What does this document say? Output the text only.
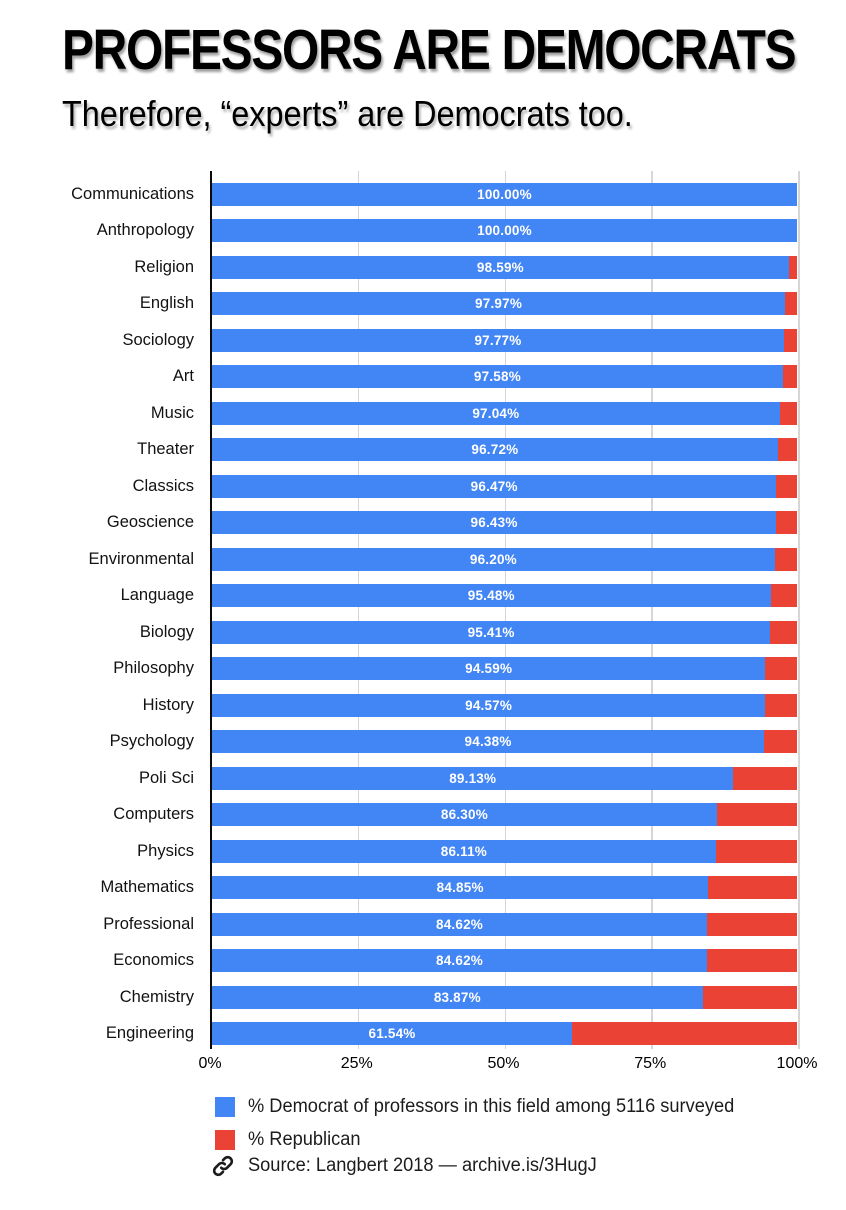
PROFESSORS ARE DEMOCRATS
Therefore, “experts” are Democrats too.
Communications	100.00%
Anthropology	100.00%
Religion	98.59%
English	97.97%
Sociology	97.77%
Art	97.58%
Music	97.04%
Theater	96.72%
Classics	96.47%
Geoscience	96.43%
Environmental	96.20%
Language	95.48%
Biology	95.41%
Philosophy	94.59%
History	94.57%
Psychology	94.38%
Poli Sci	89.13%
Computers	86.30%
Physics	86.11%
Mathematics	84.85%
Professional	84.62%
Economics	84.62%
Chemistry	83.87%
Engineering	61.54%
0%	25%	50%	75%	100%
% Democrat of professors in this field among 5116 surveyed
% Republican
Source: Langbert 2018 — archive.is/3HugJ
